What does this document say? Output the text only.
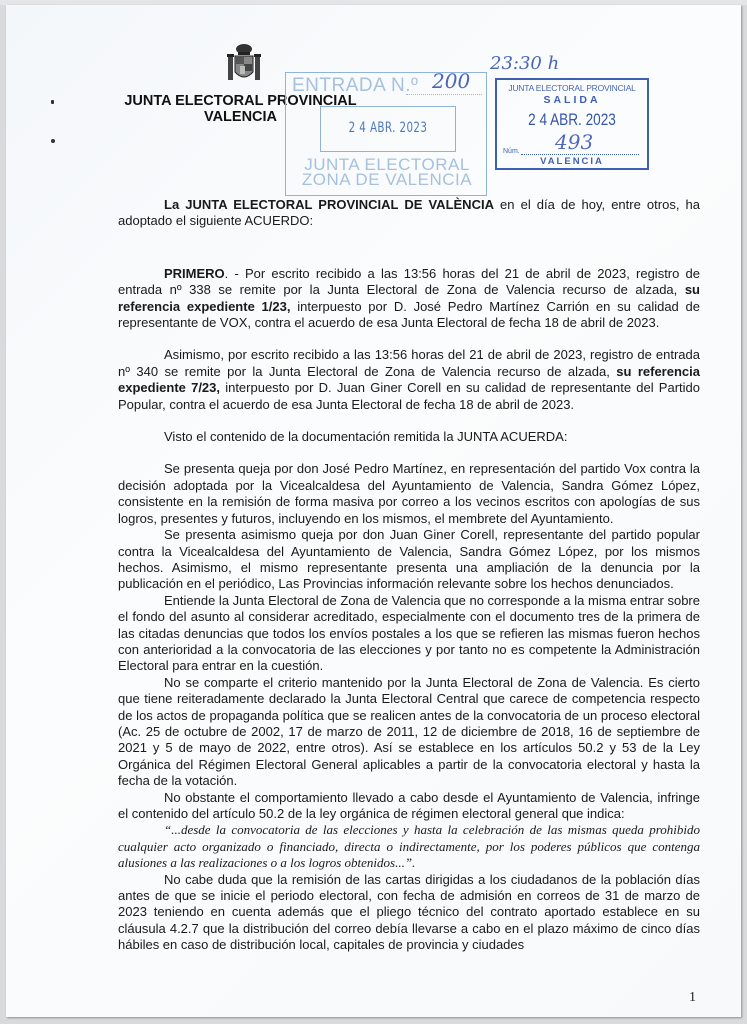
JUNTA ELECTORAL PROVINCIAL
VALENCIA
23:30 h
ENTRADA N.º 200
2 4 ABR. 2023
JUNTA ELECTORAL
ZONA DE VALENCIA
JUNTA ELECTORAL PROVINCIAL
SALIDA
2 4 ABR. 2023
493
Núm.
VALENCIA

La JUNTA ELECTORAL PROVINCIAL DE VALÈNCIA en el día de hoy, entre otros, ha adoptado el siguiente ACUERDO:

PRIMERO. - Por escrito recibido a las 13:56 horas del 21 de abril de 2023, registro de entrada nº 338 se remite por la Junta Electoral de Zona de Valencia recurso de alzada, su referencia expediente 1/23, interpuesto por D. José Pedro Martínez Carrión en su calidad de representante de VOX, contra el acuerdo de esa Junta Electoral de fecha 18 de abril de 2023.

Asimismo, por escrito recibido a las 13:56 horas del 21 de abril de 2023, registro de entrada nº 340 se remite por la Junta Electoral de Zona de Valencia recurso de alzada, su referencia expediente 7/23, interpuesto por D. Juan Giner Corell en su calidad de representante del Partido Popular, contra el acuerdo de esa Junta Electoral de fecha 18 de abril de 2023.

Visto el contenido de la documentación remitida la JUNTA ACUERDA:

Se presenta queja por don José Pedro Martínez, en representación del partido Vox contra la decisión adoptada por la Vicealcaldesa del Ayuntamiento de Valencia, Sandra Gómez López, consistente en la remisión de forma masiva por correo a los vecinos escritos con apologías de sus logros, presentes y futuros, incluyendo en los mismos, el membrete del Ayuntamiento.

Se presenta asimismo queja por don Juan Giner Corell, representante del partido popular contra la Vicealcaldesa del Ayuntamiento de Valencia, Sandra Gómez López, por los mismos hechos. Asimismo, el mismo representante presenta una ampliación de la denuncia por la publicación en el periódico, Las Provincias información relevante sobre los hechos denunciados.

Entiende la Junta Electoral de Zona de Valencia que no corresponde a la misma entrar sobre el fondo del asunto al considerar acreditado, especialmente con el documento tres de la primera de las citadas denuncias que todos los envíos postales a los que se refieren las mismas fueron hechos con anterioridad a la convocatoria de las elecciones y por tanto no es competente la Administración Electoral para entrar en la cuestión.

No se comparte el criterio mantenido por la Junta Electoral de Zona de Valencia. Es cierto que tiene reiteradamente declarado la Junta Electoral Central que carece de competencia respecto de los actos de propaganda política que se realicen antes de la convocatoria de un proceso electoral (Ac. 25 de octubre de 2002, 17 de marzo de 2011, 12 de diciembre de 2018, 16 de septiembre de 2021 y 5 de mayo de 2022, entre otros). Así se establece en los artículos 50.2 y 53 de la Ley Orgánica del Régimen Electoral General aplicables a partir de la convocatoria electoral y hasta la fecha de la votación.

No obstante el comportamiento llevado a cabo desde el Ayuntamiento de Valencia, infringe el contenido del artículo 50.2 de la ley orgánica de régimen electoral general que indica:

“...desde la convocatoria de las elecciones y hasta la celebración de las mismas queda prohibido cualquier acto organizado o financiado, directa o indirectamente, por los poderes públicos que contenga alusiones a las realizaciones o a los logros obtenidos...”.

No cabe duda que la remisión de las cartas dirigidas a los ciudadanos de la población días antes de que se inicie el periodo electoral, con fecha de admisión en correos de 31 de marzo de 2023 teniendo en cuenta además que el pliego técnico del contrato aportado establece en su cláusula 4.2.7 que la distribución del correo debía llevarse a cabo en el plazo máximo de cinco días hábiles en caso de distribución local, capitales de provincia y ciudades

1
